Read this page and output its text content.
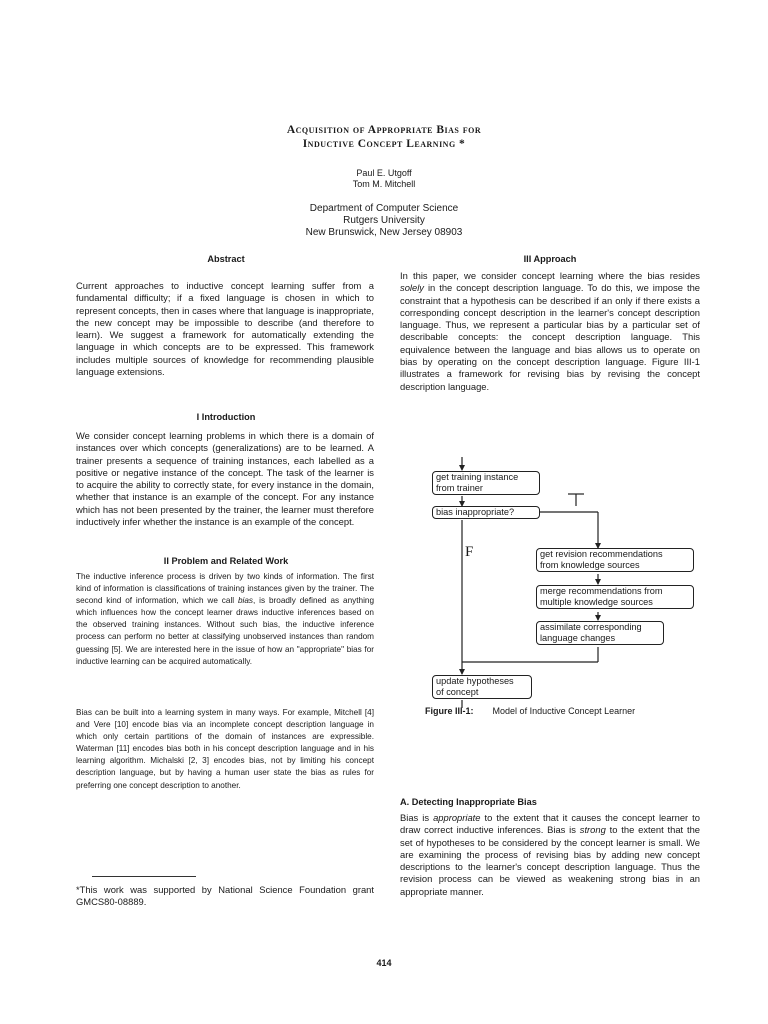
Acquisition of Appropriate Bias for
Inductive Concept Learning *
Paul E. Utgoff
Tom M. Mitchell
Department of Computer Science
Rutgers University
New Brunswick, New Jersey 08903
Abstract

Current approaches to inductive concept learning suffer from a fundamental difficulty; if a fixed language is chosen in which to represent concepts, then in cases where that language is inappropriate, the new concept may be impossible to describe (and therefore to learn). We suggest a framework for automatically extending the language in which concepts are to be expressed. This framework includes multiple sources of knowledge for recommending plausible language extensions.

I Introduction

We consider concept learning problems in which there is a domain of instances over which concepts (generalizations) are to be learned. A trainer presents a sequence of training instances, each labelled as a positive or negative instance of the concept. The task of the learner is to acquire the ability to correctly state, for every instance in the domain, whether that instance is an example of the concept. For any instance which has not been presented by the trainer, the learner must therefore inductively infer whether the instance is an example of the concept.

II Problem and Related Work

The inductive inference process is driven by two kinds of information. The first kind of information is classifications of training instances given by the trainer. The second kind of information, which we call bias, is broadly defined as anything which influences how the concept learner draws inductive inferences based on the observed training instances. Without such bias, the inductive inference process can perform no better at classifying unobserved instances than random guessing [5]. We are interested here in the issue of how an "appropriate" bias for inductive learning can be acquired automatically.

Bias can be built into a learning system in many ways. For example, Mitchell [4] and Vere [10] encode bias via an incomplete concept description language in which only certain partitions of the domain of instances are expressible. Waterman [11] encodes bias both in his concept description language and in his learning algorithm. Michalski [2, 3] encodes bias, not by limiting his concept description language, but by having a human user state the bias as rules for preferring one concept description to another.

*This work was supported by National Science Foundation grant GMCS80-08889.

III Approach

In this paper, we consider concept learning where the bias resides solely in the concept description language. To do this, we impose the constraint that a hypothesis can be described if an only if there exists a corresponding concept description in the learner's concept description language. Thus, we represent a particular bias by a particular set of describable concepts: the concept description language. This equivalence between the language and bias allows us to operate on bias by operating on the concept description language. Figure III-1 illustrates a framework for revising bias by revising the concept description language.

get training instance
from trainer
bias inappropriate?
F	get revision recommendations
from knowledge sources
merge recommendations from
multiple knowledge sources
assimilate corresponding
language changes
update hypotheses
of concept
Figure III-1: Model of Inductive Concept Learner
A. Detecting Inappropriate Bias

Bias is appropriate to the extent that it causes the concept learner to draw correct inductive inferences. Bias is strong to the extent that the set of hypotheses to be considered by the concept learner is small. We are examining the process of revising bias by adding new concept descriptions to the learner's concept description language. Thus the revision process can be viewed as weakening strong bias in an appropriate manner.

414
